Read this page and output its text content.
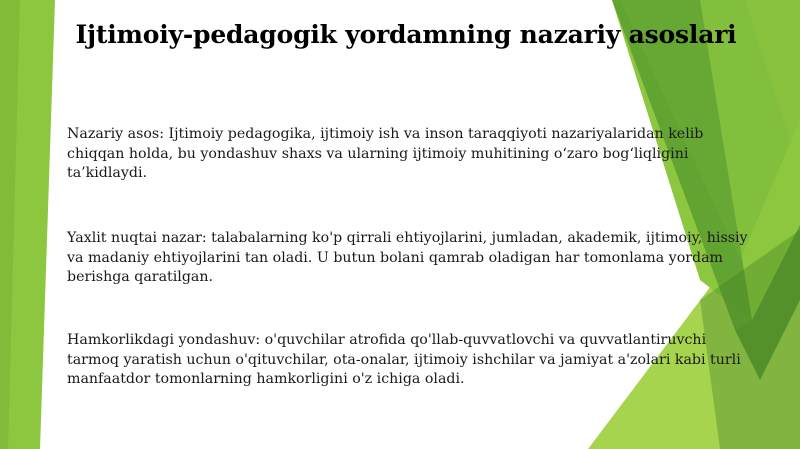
Ijtimoiy-pedagogik yordamning nazariy asoslari

Nazariy asos: Ijtimoiy pedagogika, ijtimoiy ish va inson taraqqiyoti nazariyalaridan kelib chiqqan holda, bu yondashuv shaxs va ularning ijtimoiy muhitining o‘zaro bog‘liqligini ta’kidlaydi.

Yaxlit nuqtai nazar: talabalarning ko'p qirrali ehtiyojlarini, jumladan, akademik, ijtimoiy, hissiy va madaniy ehtiyojlarini tan oladi. U butun bolani qamrab oladigan har tomonlama yordam berishga qaratilgan.

Hamkorlikdagi yondashuv: o'quvchilar atrofida qo'llab-quvvatlovchi va quvvatlantiruvchi tarmoq yaratish uchun o'qituvchilar, ota-onalar, ijtimoiy ishchilar va jamiyat a'zolari kabi turli manfaatdor tomonlarning hamkorligini o'z ichiga oladi.
